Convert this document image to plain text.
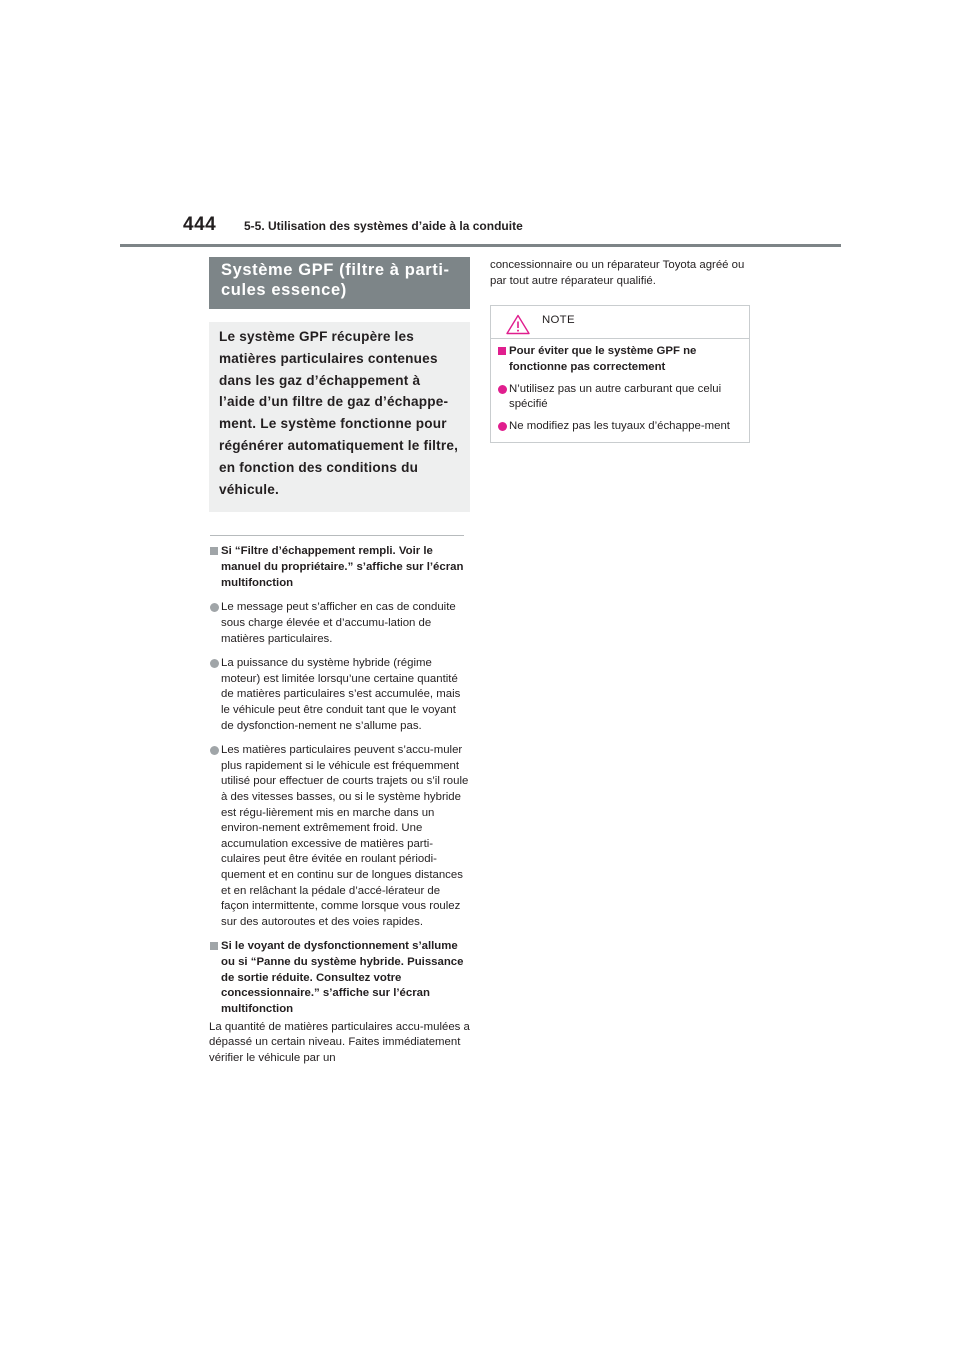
444 5-5. Utilisation des systèmes d’aide à la conduite
Système GPF (filtre à parti-cules essence)
Le système GPF récupère les matières particulaires contenues dans les gaz d’échappement à l’aide d’un filtre de gaz d’échappe-ment. Le système fonctionne pour régénérer automatiquement le filtre, en fonction des conditions du véhicule.
Si “Filtre d’échappement rempli. Voir le manuel du propriétaire.” s’affiche sur l’écran multifonction
Le message peut s’afficher en cas de conduite sous charge élevée et d’accumu-lation de matières particulaires.
La puissance du système hybride (régime moteur) est limitée lorsqu’une certaine quantité de matières particulaires s’est accumulée, mais le véhicule peut être conduit tant que le voyant de dysfonction-nement ne s’allume pas.
Les matières particulaires peuvent s’accu-muler plus rapidement si le véhicule est fréquemment utilisé pour effectuer de courts trajets ou s’il roule à des vitesses basses, ou si le système hybride est régu-lièrement mis en marche dans un environ-nement extrêmement froid. Une accumulation excessive de matières parti-culaires peut être évitée en roulant périodi-quement et en continu sur de longues distances et en relâchant la pédale d’accé-lérateur de façon intermittente, comme lorsque vous roulez sur des autoroutes et des voies rapides.
Si le voyant de dysfonctionnement s’allume ou si “Panne du système hybride. Puissance de sortie réduite. Consultez votre concessionnaire.” s’affiche sur l’écran multifonction
La quantité de matières particulaires accu-mulées a dépassé un certain niveau. Faites immédiatement vérifier le véhicule par un
concessionnaire ou un réparateur Toyota agréé ou par tout autre réparateur qualifié.
NOTE
Pour éviter que le système GPF ne fonctionne pas correctement
N’utilisez pas un autre carburant que celui spécifié
Ne modifiez pas les tuyaux d’échappe-ment
